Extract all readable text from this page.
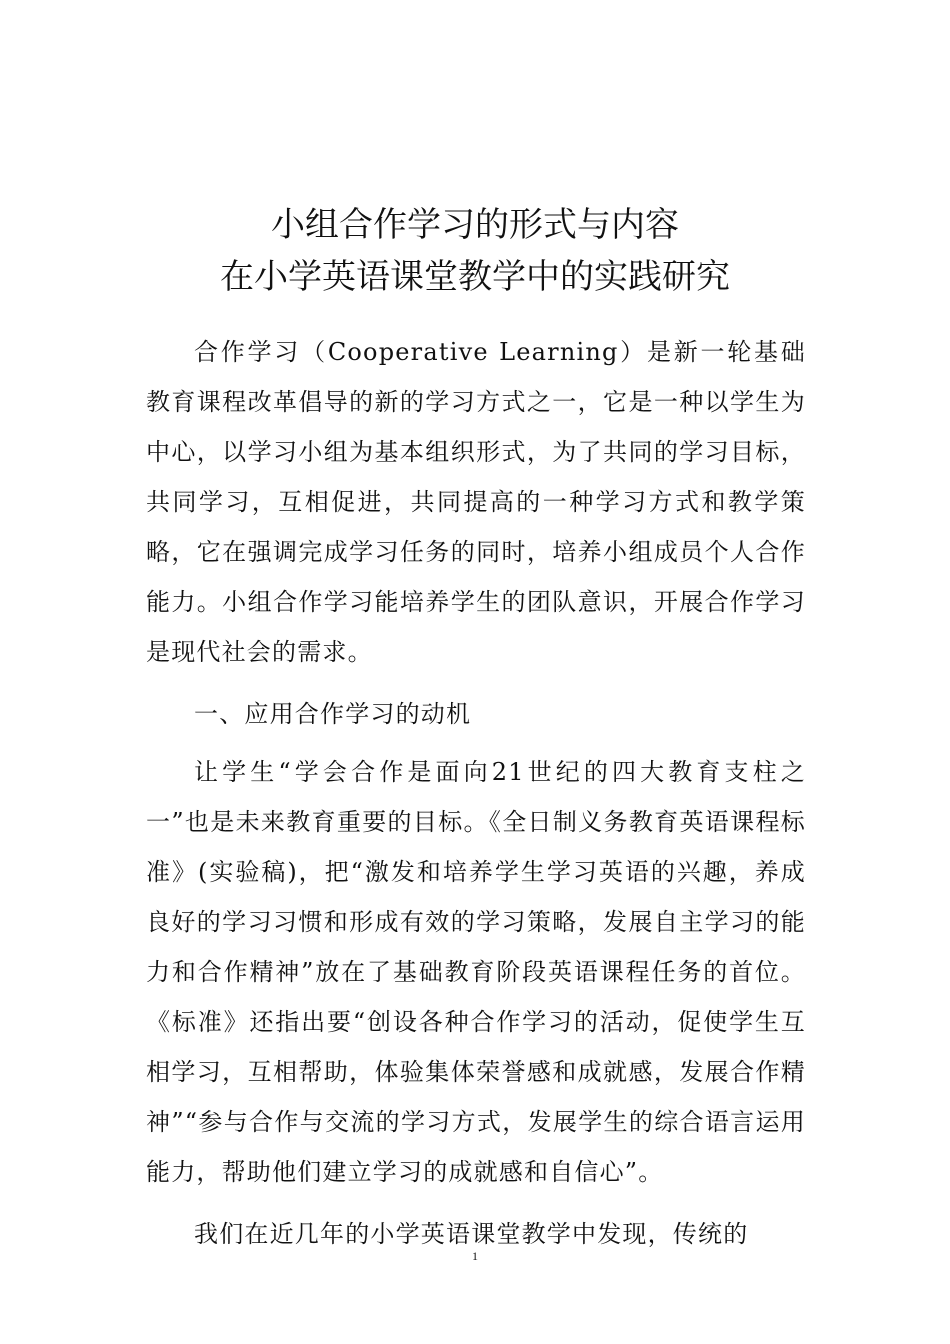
小组合作学习的形式与内容
在小学英语课堂教学中的实践研究

合作学习（Cooperative Learning）是新一轮基础教育课程改革倡导的新的学习方式之一，它是一种以学生为中心，以学习小组为基本组织形式，为了共同的学习目标，共同学习，互相促进，共同提高的一种学习方式和教学策略，它在强调完成学习任务的同时，培养小组成员个人合作能力。小组合作学习能培养学生的团队意识，开展合作学习是现代社会的需求。

一、应用合作学习的动机

让学生“学会合作是面向21世纪的四大教育支柱之一”也是未来教育重要的目标。《全日制义务教育英语课程标准》(实验稿)，把“激发和培养学生学习英语的兴趣，养成良好的学习习惯和形成有效的学习策略，发展自主学习的能力和合作精神”放在了基础教育阶段英语课程任务的首位。《标准》还指出要“创设各种合作学习的活动，促使学生互相学习，互相帮助，体验集体荣誉感和成就感，发展合作精神”“参与合作与交流的学习方式，发展学生的综合语言运用能力，帮助他们建立学习的成就感和自信心”。

我们在近几年的小学英语课堂教学中发现，传统的

1
